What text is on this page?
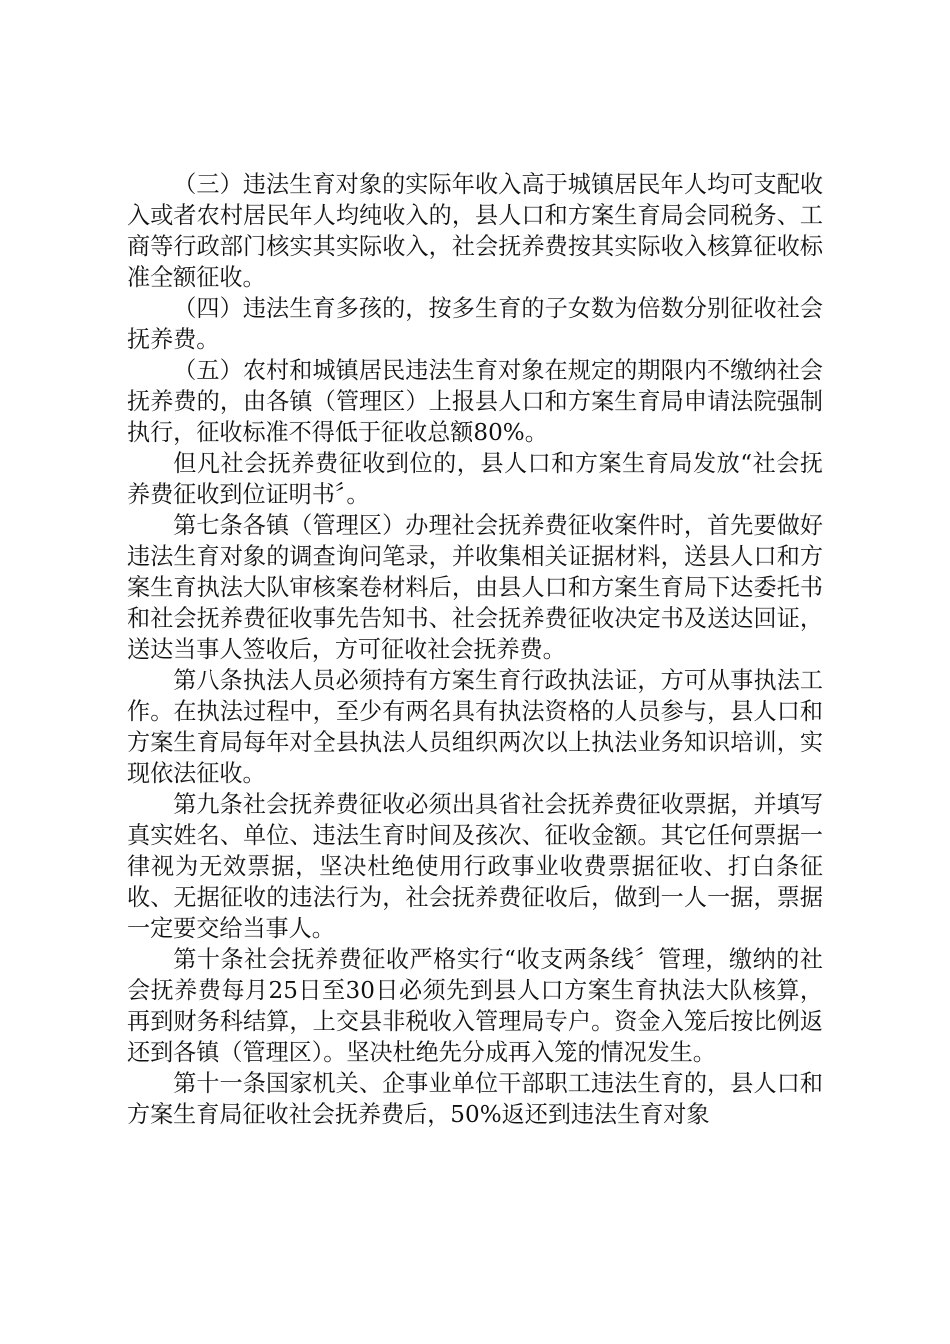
（三）违法生育对象的实际年收入高于城镇居民年人均可支配收入或者农村居民年人均纯收入的，县人口和方案生育局会同税务、工商等行政部门核实其实际收入，社会抚养费按其实际收入核算征收标准全额征收。

（四）违法生育多孩的，按多生育的子女数为倍数分别征收社会抚养费。

（五）农村和城镇居民违法生育对象在规定的期限内不缴纳社会抚养费的，由各镇（管理区）上报县人口和方案生育局申请法院强制执行，征收标准不得低于征收总额80%。

但凡社会抚养费征收到位的，县人口和方案生育局发放“社会抚养费征收到位证明书〞。

第七条各镇（管理区）办理社会抚养费征收案件时，首先要做好违法生育对象的调查询问笔录，并收集相关证据材料，送县人口和方案生育执法大队审核案卷材料后，由县人口和方案生育局下达委托书和社会抚养费征收事先告知书、社会抚养费征收决定书及送达回证，送达当事人签收后，方可征收社会抚养费。

第八条执法人员必须持有方案生育行政执法证，方可从事执法工作。在执法过程中，至少有两名具有执法资格的人员参与，县人口和方案生育局每年对全县执法人员组织两次以上执法业务知识培训，实现依法征收。

第九条社会抚养费征收必须出具省社会抚养费征收票据，并填写真实姓名、单位、违法生育时间及孩次、征收金额。其它任何票据一律视为无效票据，坚决杜绝使用行政事业收费票据征收、打白条征收、无据征收的违法行为，社会抚养费征收后，做到一人一据，票据一定要交给当事人。

第十条社会抚养费征收严格实行“收支两条线〞管理，缴纳的社会抚养费每月25日至30日必须先到县人口方案生育执法大队核算，再到财务科结算，上交县非税收入管理局专户。资金入笼后按比例返还到各镇（管理区）。坚决杜绝先分成再入笼的情况发生。

第十一条国家机关、企事业单位干部职工违法生育的，县人口和方案生育局征收社会抚养费后，50%返还到违法生育对象
